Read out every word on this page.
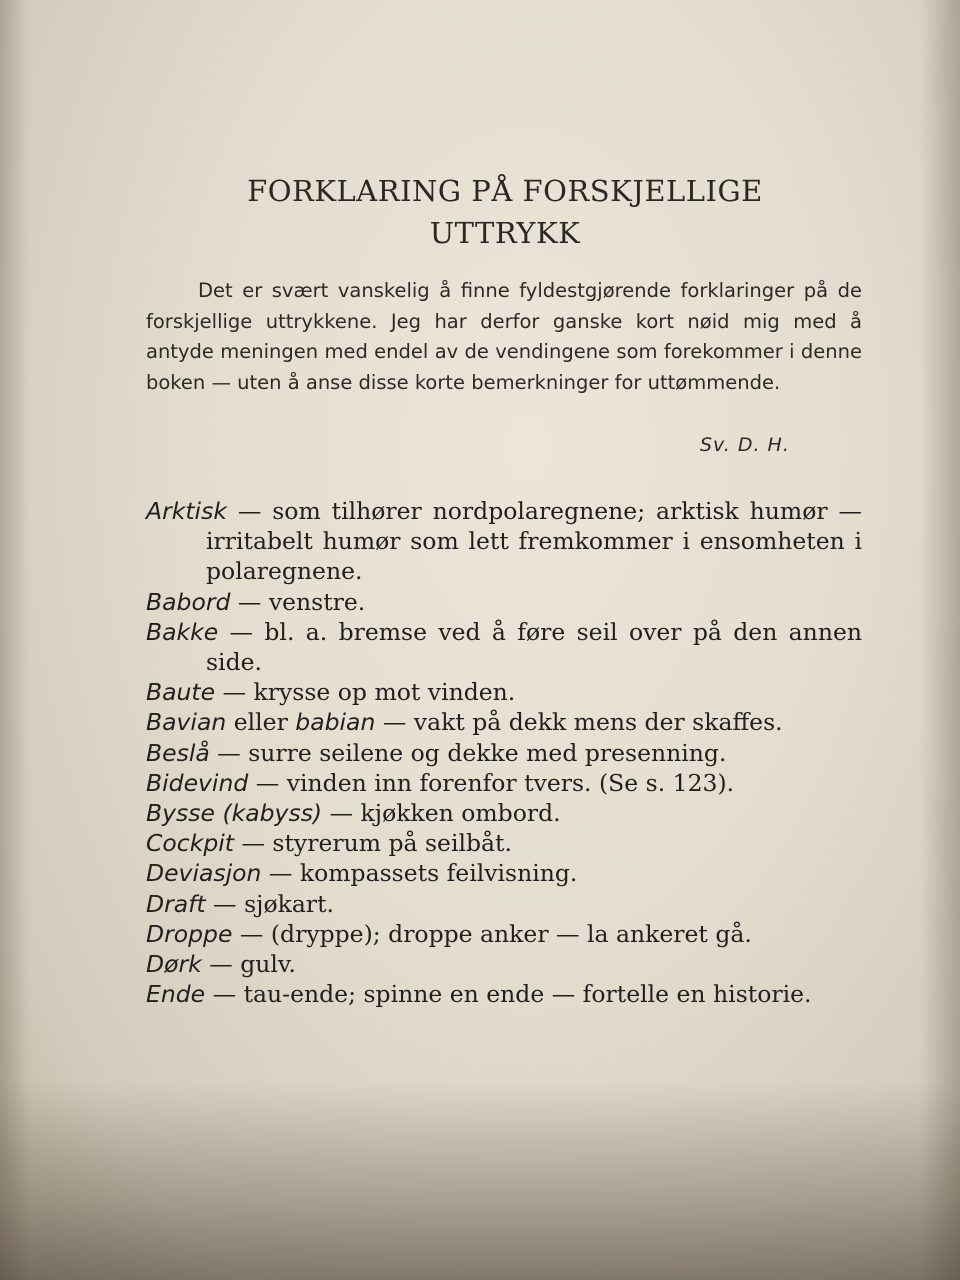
FORKLARING PÅ FORSKJELLIGE
UTTRYKK

Det er svært vanskelig å finne fyldestgjørende forklaringer på de forskjellige uttrykkene. Jeg har derfor ganske kort nøid mig med å antyde meningen med endel av de vendingene som forekommer i denne boken — uten å anse disse korte bemerkninger for uttømmende.

Sv. D. H.
Arktisk — som tilhører nordpolaregnene; arktisk humør — irritabelt humør som lett fremkommer i ensomheten i polaregnene.
Babord — venstre.
Bakke — bl. a. bremse ved å føre seil over på den annen side.
Baute — krysse op mot vinden.
Bavian eller babian — vakt på dekk mens der skaffes.
Beslå — surre seilene og dekke med presenning.
Bidevind — vinden inn forenfor tvers. (Se s. 123).
Bysse (kabyss) — kjøkken ombord.
Cockpit — styrerum på seilbåt.
Deviasjon — kompassets feilvisning.
Draft — sjøkart.
Droppe — (dryppe); droppe anker — la ankeret gå.
Dørk — gulv.
Ende — tau-ende; spinne en ende — fortelle en historie.
